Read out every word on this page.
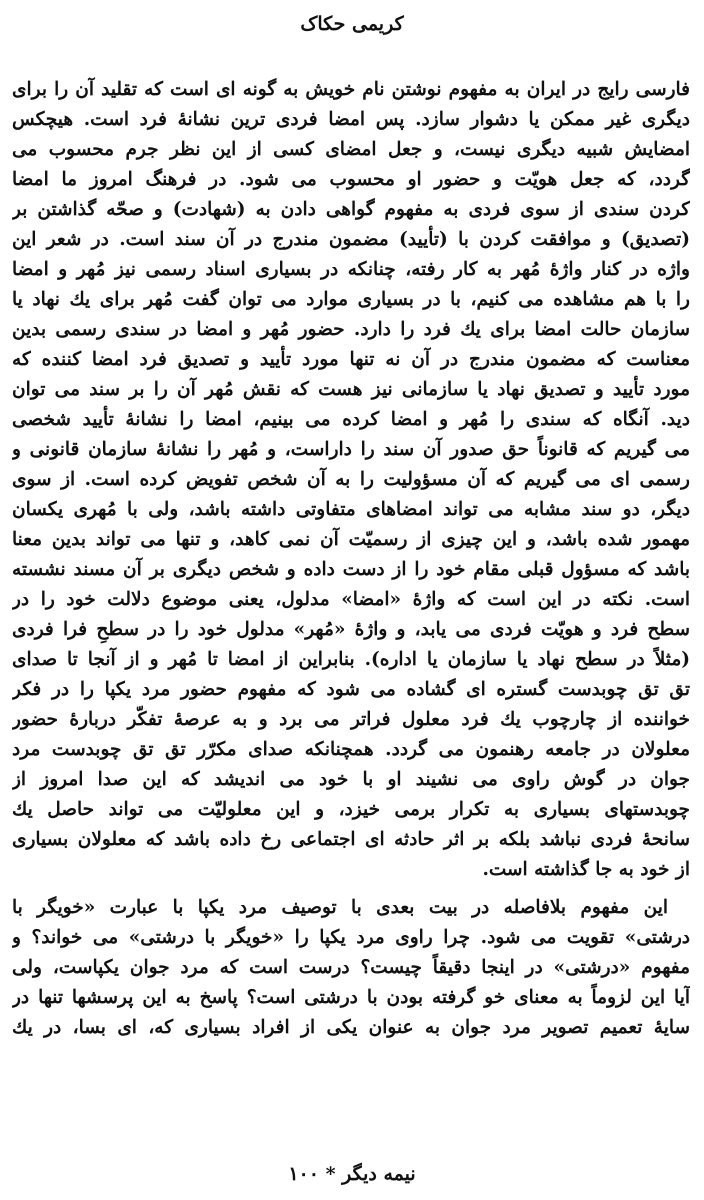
کریمی حکاک
فارسی رایج در ایران به مفهوم نوشتن نام خویش به گونه ای است که تقلید آن را برای
دیگری غیر ممکن یا دشوار سازد. پس امضا فردی ترین نشانهٔ فرد است. هیچکس
امضایش شبیه دیگری نیست، و جعل امضای کسی از این نظر جرم محسوب می
گردد، که جعل هویّت و حضور او محسوب می شود. در فرهنگ امروز ما امضا
کردن سندی از سوی فردی به مفهوم گواهی دادن به (شهادت) و صحّه گذاشتن بر
(تصدیق) و موافقت کردن با (تأیید) مضمون مندرج در آن سند است. در شعر این
واژه در کنار واژهٔ مُهر به کار رفته، چنانکه در بسیاری اسناد رسمی نیز مُهر و امضا
را با هم مشاهده می کنیم، با در بسیاری موارد می توان گفت مُهر برای یك نهاد یا
سازمان حالت امضا برای یك فرد را دارد. حضور مُهر و امضا در سندی رسمی بدین
معناست که مضمون مندرج در آن نه تنها مورد تأیید و تصدیق فرد امضا کننده که
مورد تأیید و تصدیق نهاد یا سازمانی نیز هست که نقش مُهر آن را بر سند می توان
دید. آنگاه که سندی را مُهر و امضا کرده می بینیم، امضا را نشانهٔ تأیید شخصی
می گیریم که قانوناً حق صدور آن سند را داراست، و مُهر را نشانهٔ سازمان قانونی و
رسمی ای می گیریم که آن مسؤولیت را به آن شخص تفویض کرده است. از سوی
دیگر، دو سند مشابه می تواند امضاهای متفاوتی داشته باشد، ولی با مُهری یکسان
مهمور شده باشد، و این چیزی از رسمیّت آن نمی کاهد، و تنها می تواند بدین معنا
باشد که مسؤول قبلی مقام خود را از دست داده و شخص دیگری بر آن مسند نشسته
است. نکته در این است که واژهٔ «امضا» مدلول، یعنی موضوع دلالت خود را در
سطح فرد و هویّت فردی می یابد، و واژهٔ «مُهر» مدلول خود را در سطحِ فرا فردی
(مثلاً در سطح نهاد یا سازمان یا اداره). بنابراین از امضا تا مُهر و از آنجا تا صدای
تق تق چوبدست گستره ای گشاده می شود که مفهوم حضور مرد یکپا را در فکر
خواننده از چارچوب یك فرد معلول فراتر می برد و به عرصهٔ تفکّر دربارهٔ حضور
معلولان در جامعه رهنمون می گردد. همچنانکه صدای مکرّر تق تق چوبدست مرد
جوان در گوش راوی می نشیند او با خود می اندیشد که این صدا امروز از
چوبدستهای بسیاری به تکرار برمی خیزد، و این معلولیّت می تواند حاصل یك
سانحهٔ فردی نباشد بلکه بر اثر حادثه ای اجتماعی رخ داده باشد که معلولان بسیاری
از خود به جا گذاشته است.
این مفهوم بلافاصله در بیت بعدی با توصیف مرد یکپا با عبارت «خویگر با
درشتی» تقویت می شود. چرا راوی مرد یکپا را «خویگر با درشتی» می خواند؟ و
مفهوم «درشتی» در اینجا دقیقاً چیست؟ درست است که مرد جوان یکپاست، ولی
آیا این لزوماً به معنای خو گرفته بودن با درشتی است؟ پاسخ به این پرسشها تنها در
سایهٔ تعمیم تصویر مرد جوان به عنوان یکی از افراد بسیاری که، ای بسا، در یك
نیمه دیگر * ۱۰۰
